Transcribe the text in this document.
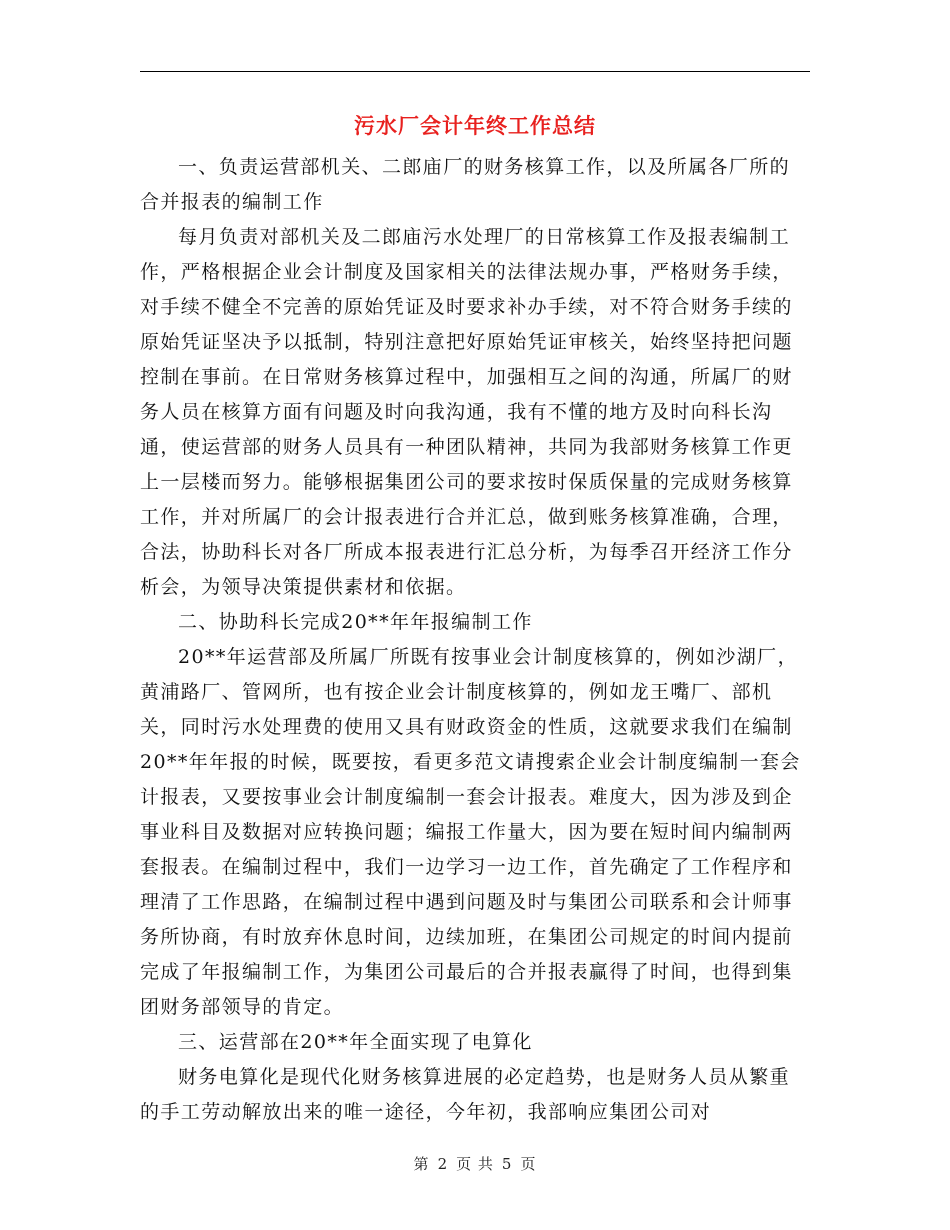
污水厂会计年终工作总结

一、负责运营部机关、二郎庙厂的财务核算工作，以及所属各厂所的合并报表的编制工作

每月负责对部机关及二郎庙污水处理厂的日常核算工作及报表编制工作，严格根据企业会计制度及国家相关的法律法规办事，严格财务手续，对手续不健全不完善的原始凭证及时要求补办手续，对不符合财务手续的原始凭证坚决予以抵制，特别注意把好原始凭证审核关，始终坚持把问题控制在事前。在日常财务核算过程中，加强相互之间的沟通，所属厂的财务人员在核算方面有问题及时向我沟通，我有不懂的地方及时向科长沟通，使运营部的财务人员具有一种团队精神，共同为我部财务核算工作更上一层楼而努力。能够根据集团公司的要求按时保质保量的完成财务核算工作，并对所属厂的会计报表进行合并汇总，做到账务核算准确，合理，合法，协助科长对各厂所成本报表进行汇总分析，为每季召开经济工作分析会，为领导决策提供素材和依据。

二、协助科长完成20**年年报编制工作

20**年运营部及所属厂所既有按事业会计制度核算的，例如沙湖厂，黄浦路厂、管网所，也有按企业会计制度核算的，例如龙王嘴厂、部机关，同时污水处理费的使用又具有财政资金的性质，这就要求我们在编制20**年年报的时候，既要按，看更多范文请搜索企业会计制度编制一套会计报表，又要按事业会计制度编制一套会计报表。难度大，因为涉及到企事业科目及数据对应转换问题；编报工作量大，因为要在短时间内编制两套报表。在编制过程中，我们一边学习一边工作，首先确定了工作程序和理清了工作思路，在编制过程中遇到问题及时与集团公司联系和会计师事务所协商，有时放弃休息时间，边续加班，在集团公司规定的时间内提前完成了年报编制工作，为集团公司最后的合并报表赢得了时间，也得到集团财务部领导的肯定。

三、运营部在20**年全面实现了电算化

财务电算化是现代化财务核算进展的必定趋势，也是财务人员从繁重的手工劳动解放出来的唯一途径，今年初，我部响应集团公司对

第 2 页 共 5 页
